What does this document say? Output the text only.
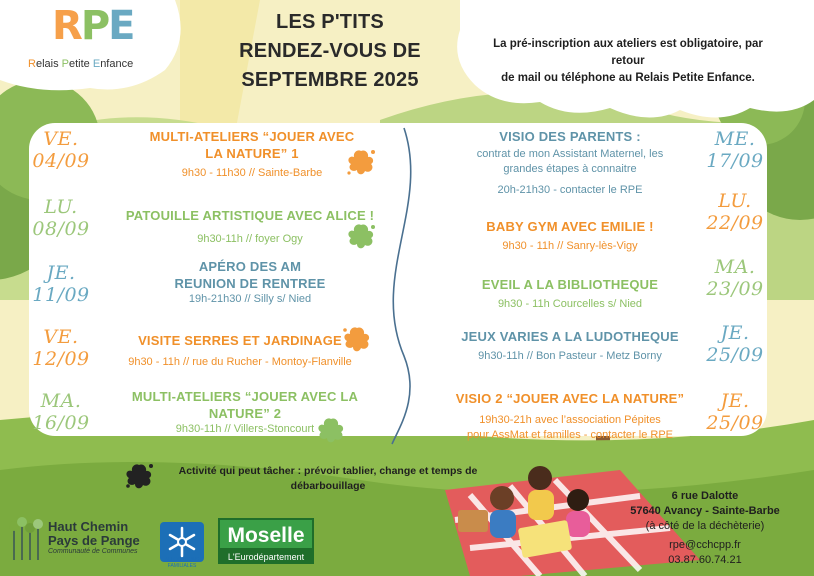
RPE
Relais Petite Enfance
LES P'TITS
RENDEZ-VOUS DE
SEPTEMBRE 2025
La pré-inscription aux ateliers est obligatoire, par retour
de mail ou téléphone au Relais Petite Enfance.
VE.
04/09
LU.
08/09
JE.
11/09
VE.
12/09
MA.
16/09
MULTI-ATELIERS “JOUER AVEC
LA NATURE” 1
9h30 - 11h30 // Sainte-Barbe
PATOUILLE ARTISTIQUE AVEC ALICE !
9h30-11h // foyer Ogy
APÉRO DES AM
REUNION DE RENTREE
19h-21h30 // Silly s/ Nied
VISITE SERRES ET JARDINAGE
9h30 - 11h // rue du Rucher - Montoy-Flanville
MULTI-ATELIERS “JOUER AVEC LA
NATURE” 2
9h30-11h // Villers-Stoncourt
VISIO DES PARENTS :
contrat de mon Assistant Maternel, les
grandes étapes à connaitre
20h-21h30 - contacter le RPE
BABY GYM AVEC EMILIE !
9h30 - 11h // Sanry-lès-Vigy
EVEIL A LA BIBLIOTHEQUE
9h30 - 11h Courcelles s/ Nied
JEUX VARIES A LA LUDOTHEQUE
9h30-11h // Bon Pasteur - Metz Borny
VISIO 2 “JOUER AVEC LA NATURE”
19h30-21h avec l’association Pépites
pour AssMat et familles - contacter le RPE
ME.
17/09
LU.
22/09
MA.
23/09
JE.
25/09
JE.
25/09
Activité qui peut tâcher : prévoir tablier, change et temps de
débarbouillage
6 rue Dalotte
57640 Avancy - Sainte-Barbe
(à côté de la déchèterie)
rpe@cchcpp.fr
03.87.60.74.21
Haut Chemin
Pays de Pange
Communauté de Communes
ALLOCATIONS FAMILIALES
Moselle
L'Eurodépartement
